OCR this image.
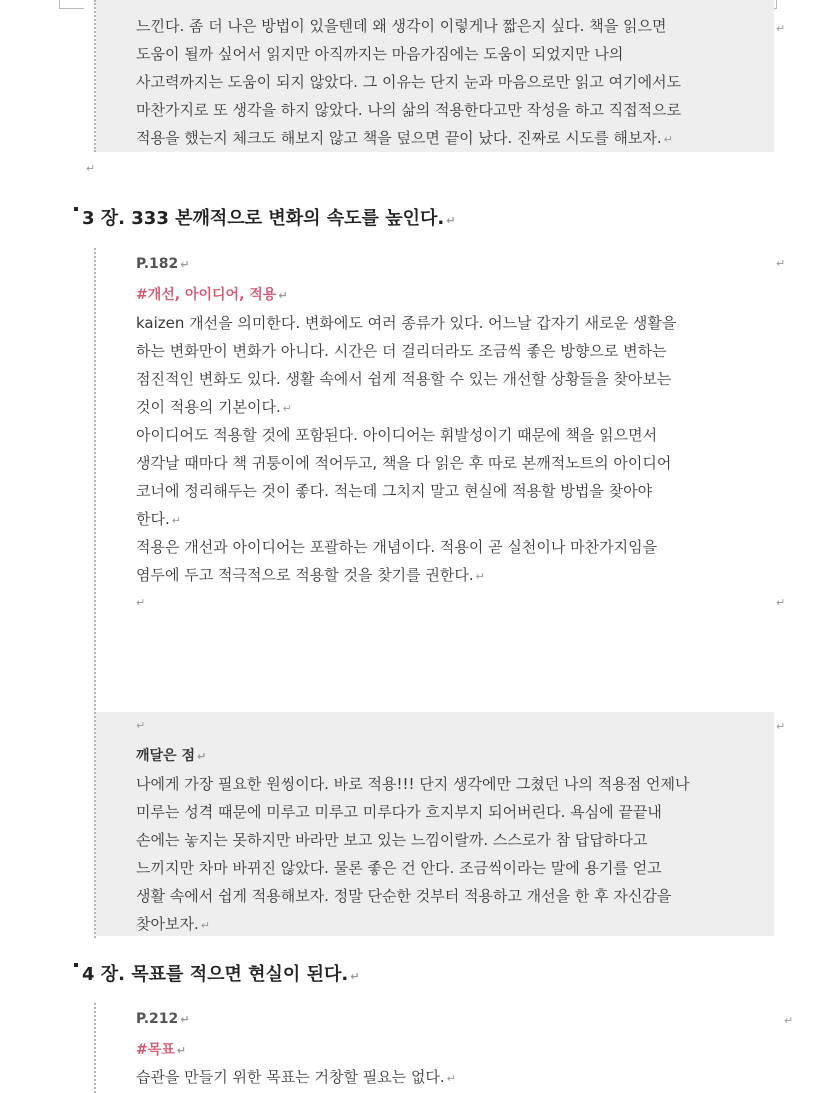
느낀다. 좀 더 나은 방법이 있을텐데 왜 생각이 이렇게나 짧은지 싶다. 책을 읽으면
도움이 될까 싶어서 읽지만 아직까지는 마음가짐에는 도움이 되었지만 나의
사고력까지는 도움이 되지 않았다. 그 이유는 단지 눈과 마음으로만 읽고 여기에서도
마찬가지로 또 생각을 하지 않았다. 나의 삶의 적용한다고만 작성을 하고 직접적으로
적용을 했는지 체크도 해보지 않고 책을 덮으면 끝이 났다. 진짜로 시도를 해보자. ↵
↵
↵
3 장. 333 본깨적으로 변화의 속도를 높인다. ↵
P.182 ↵	↵
#개선, 아이디어, 적용 ↵
kaizen 개선을 의미한다. 변화에도 여러 종류가 있다. 어느날 갑자기 새로운 생활을
하는 변화만이 변화가 아니다. 시간은 더 걸리더라도 조금씩 좋은 방향으로 변하는
점진적인 변화도 있다. 생활 속에서 쉽게 적용할 수 있는 개선할 상황들을 찾아보는
것이 적용의 기본이다. ↵
아이디어도 적용할 것에 포함된다. 아이디어는 휘발성이기 때문에 책을 읽으면서
생각날 때마다 책 귀퉁이에 적어두고, 책을 다 읽은 후 따로 본깨적노트의 아이디어
코너에 정리해두는 것이 좋다. 적는데 그치지 말고 현실에 적용할 방법을 찾아야
한다. ↵
적용은 개선과 아이디어는 포괄하는 개념이다. 적용이 곧 실천이나 마찬가지임을
염두에 두고 적극적으로 적용할 것을 찾기를 권한다. ↵
↵	↵
↵	↵
깨달은 점 ↵
나에게 가장 필요한 원씽이다. 바로 적용!!! 단지 생각에만 그쳤던 나의 적용점 언제나
미루는 성격 때문에 미루고 미루고 미루다가 흐지부지 되어버린다. 욕심에 끝끝내
손에는 놓지는 못하지만 바라만 보고 있는 느낌이랄까. 스스로가 참 답답하다고
느끼지만 차마 바뀌진 않았다. 물론 좋은 건 안다. 조금씩이라는 말에 용기를 얻고
생활 속에서 쉽게 적용해보자. 정말 단순한 것부터 적용하고 개선을 한 후 자신감을
찾아보자. ↵
4 장. 목표를 적으면 현실이 된다. ↵
P.212 ↵	↵
#목표 ↵
습관을 만들기 위한 목표는 거창할 필요는 없다. ↵
